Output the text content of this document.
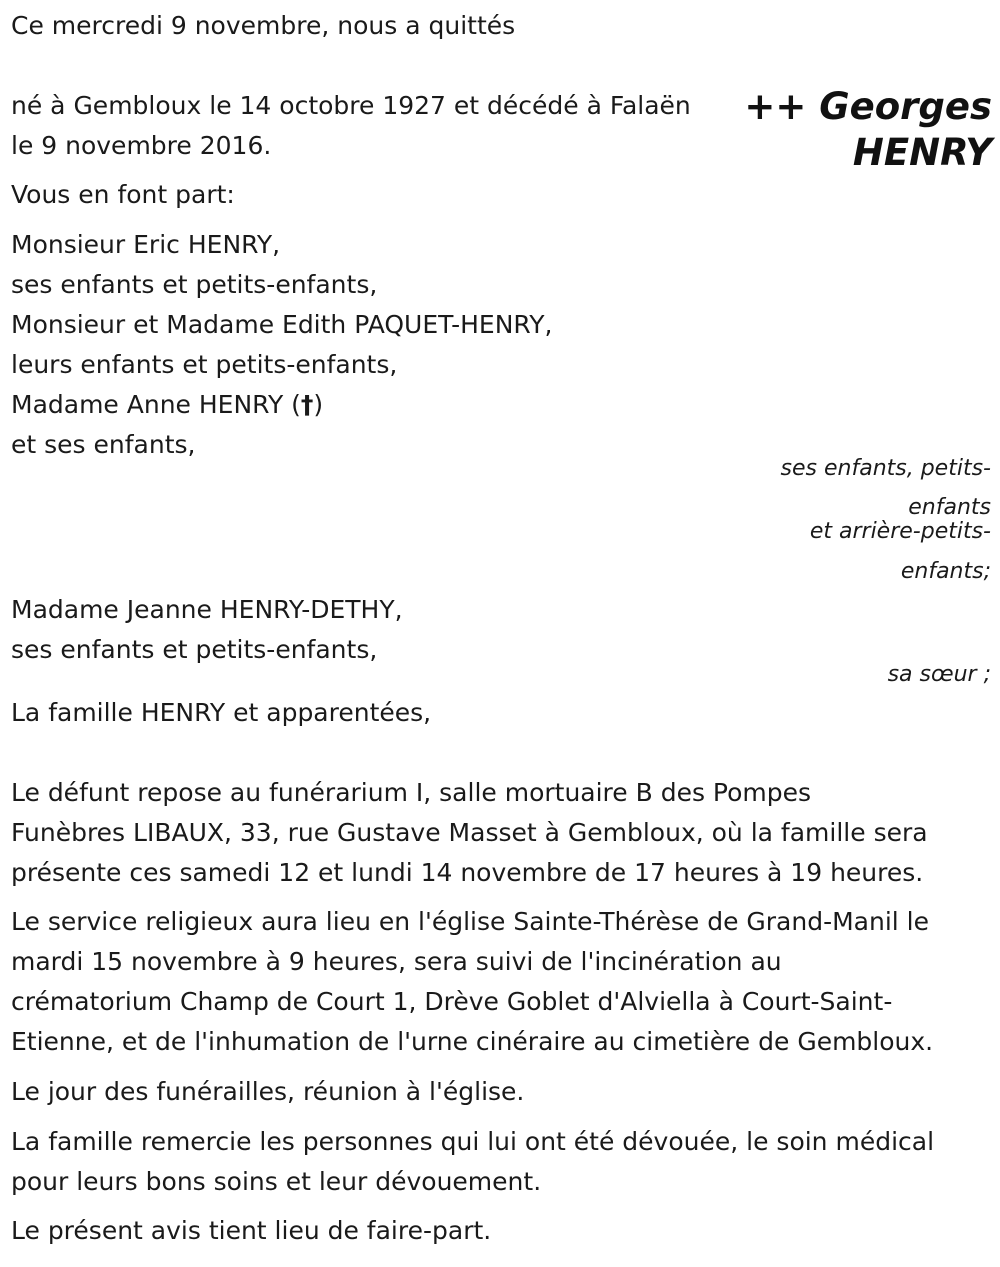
Ce mercredi 9 novembre, nous a quittés
++ Georges
HENRY
né à Gembloux le 14 octobre 1927 et décédé à Falaën
le 9 novembre 2016.
Vous en font part:
Monsieur Eric HENRY,
ses enfants et petits-enfants,
Monsieur et Madame Edith PAQUET-HENRY,
leurs enfants et petits-enfants,
Madame Anne HENRY (†)
et ses enfants,
ses enfants, petits-
enfants
et arrière-petits-
enfants;
Madame Jeanne HENRY-DETHY,
ses enfants et petits-enfants,
sa sœur ;
La famille HENRY et apparentées,
Le défunt repose au funérarium I, salle mortuaire B des Pompes
Funèbres LIBAUX, 33, rue Gustave Masset à Gembloux, où la famille sera
présente ces samedi 12 et lundi 14 novembre de 17 heures à 19 heures.
Le service religieux aura lieu en l'église Sainte-Thérèse de Grand-Manil le
mardi 15 novembre à 9 heures, sera suivi de l'incinération au
crématorium Champ de Court 1, Drève Goblet d'Alviella à Court-Saint-
Etienne, et de l'inhumation de l'urne cinéraire au cimetière de Gembloux.
Le jour des funérailles, réunion à l'église.
La famille remercie les personnes qui lui ont été dévouée, le soin médical
pour leurs bons soins et leur dévouement.
Le présent avis tient lieu de faire-part.
